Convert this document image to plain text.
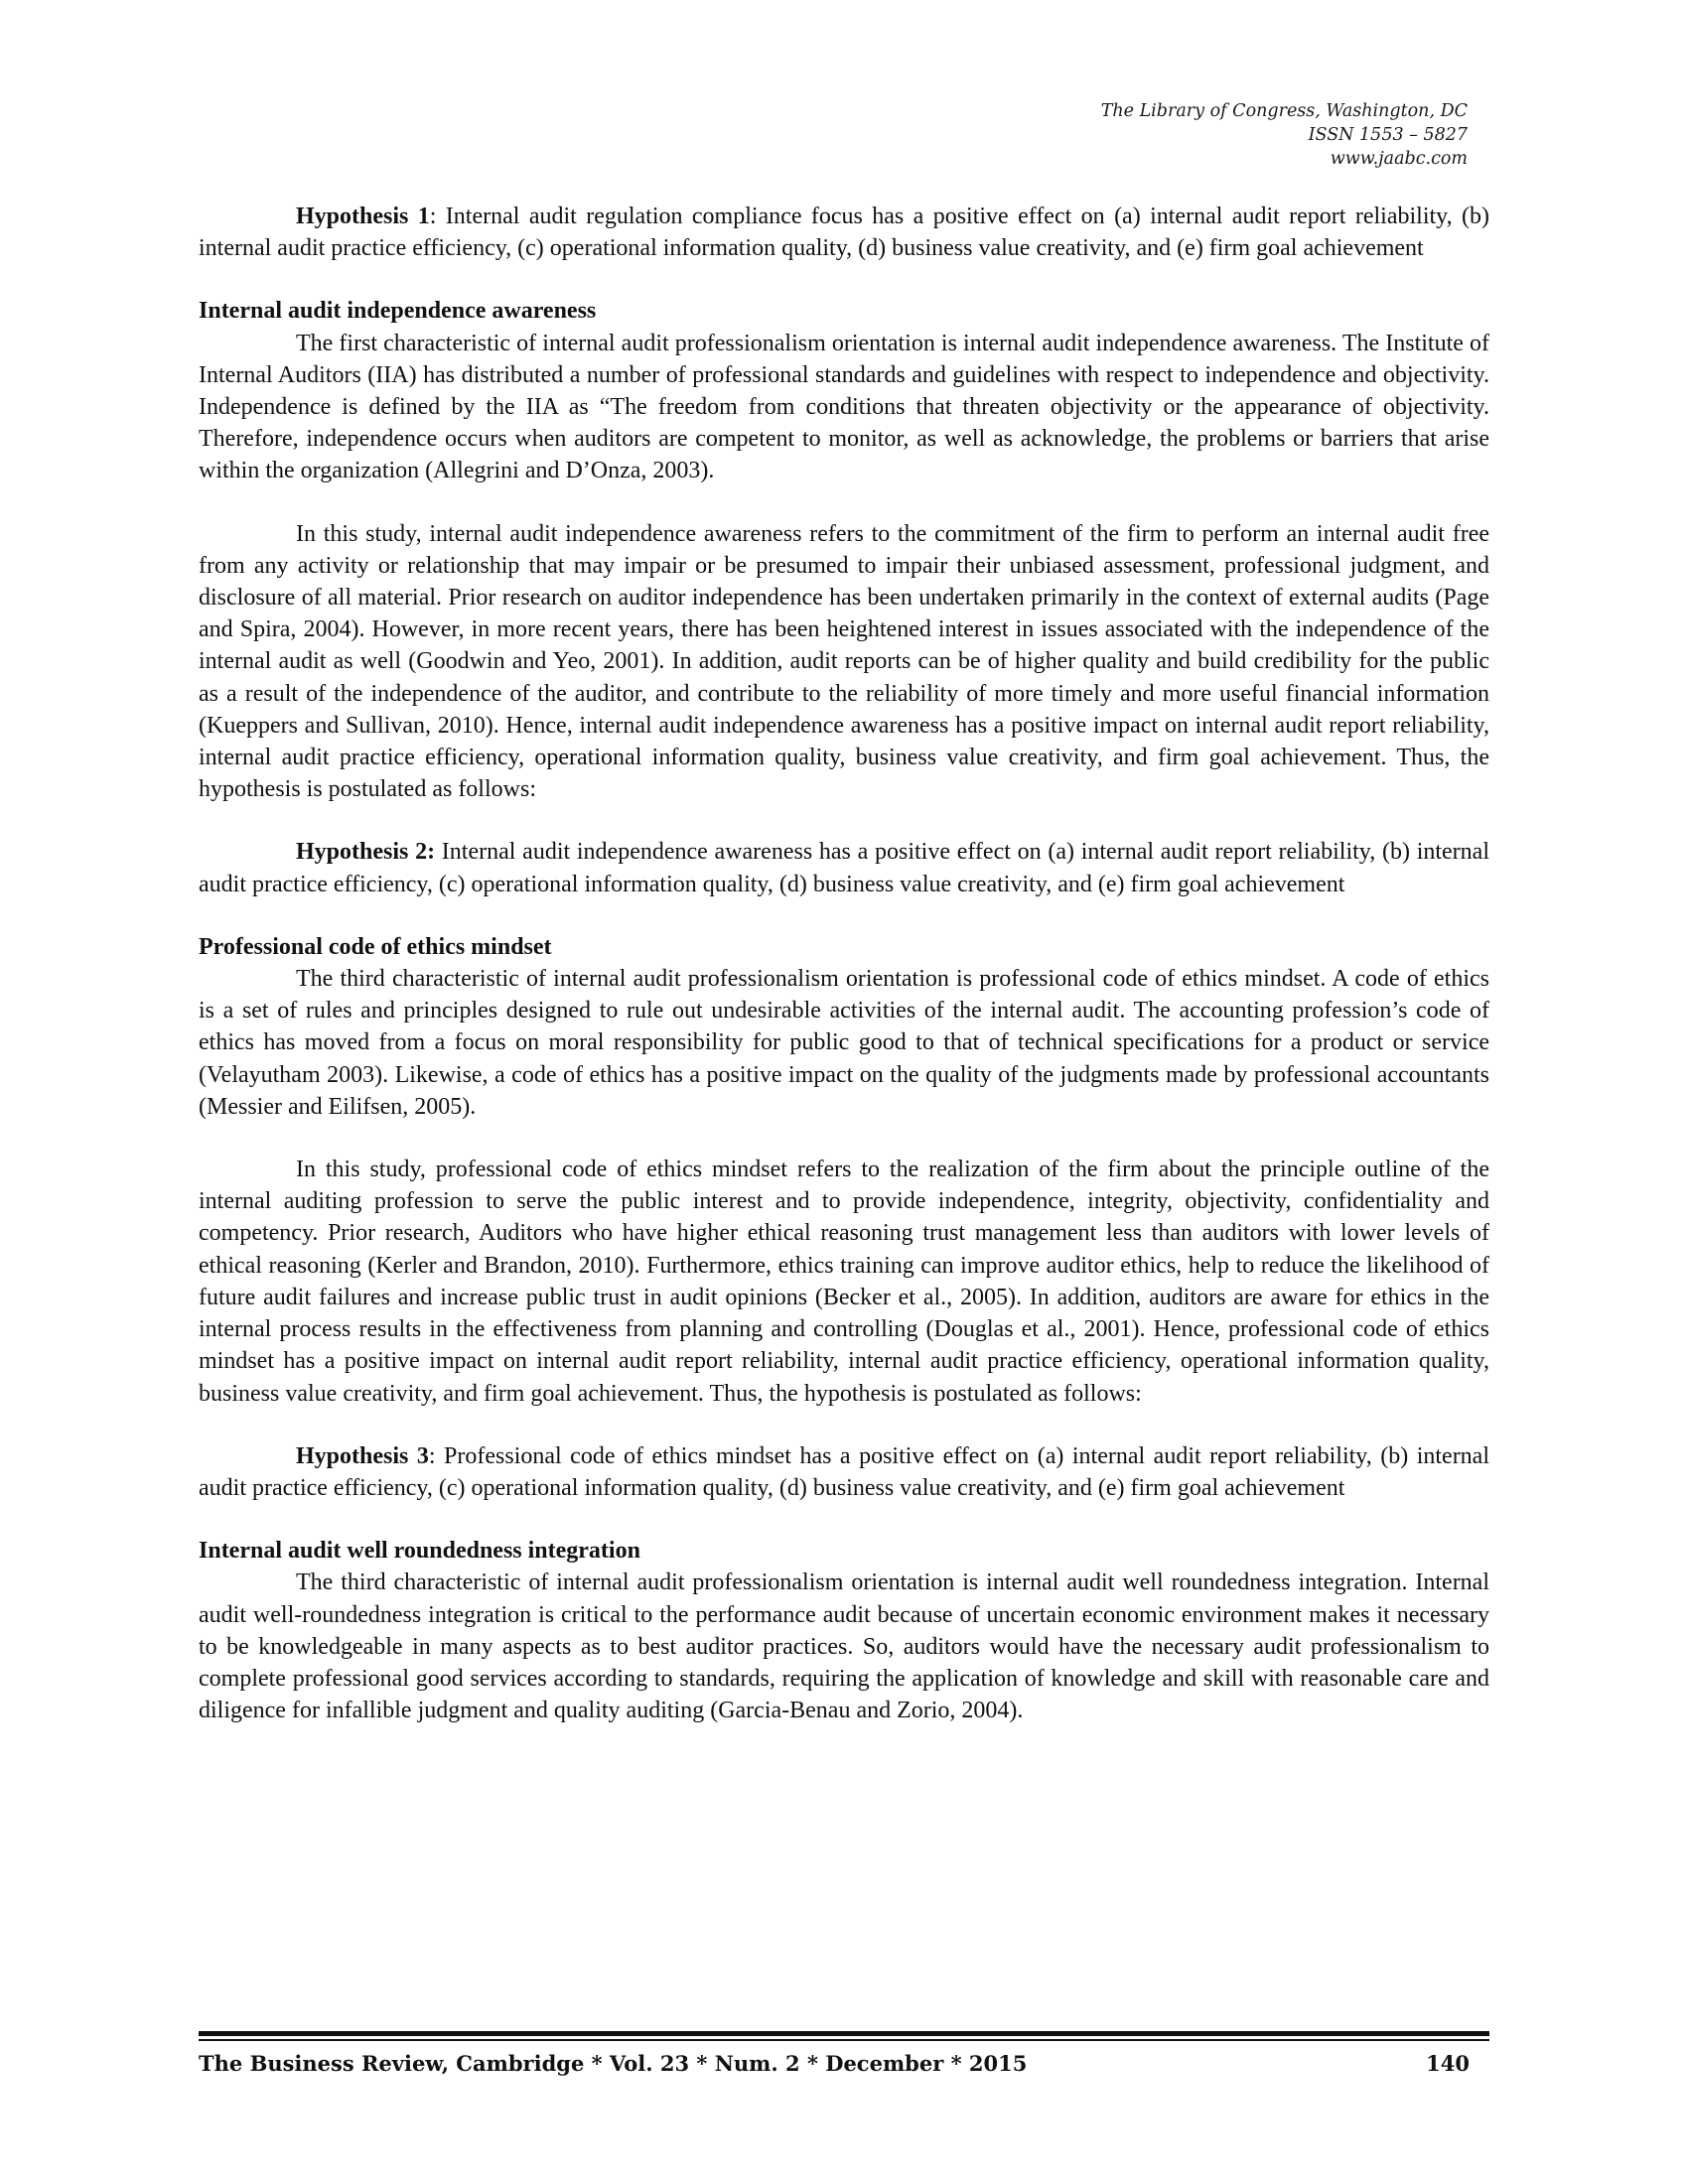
The Library of Congress, Washington, DC
ISSN 1553 – 5827
www.jaabc.com

Hypothesis 1: Internal audit regulation compliance focus has a positive effect on (a) internal audit report reliability, (b) internal audit practice efficiency, (c) operational information quality, (d) business value creativity, and (e) firm goal achievement

Internal audit independence awareness

The first characteristic of internal audit professionalism orientation is internal audit independence awareness. The Institute of Internal Auditors (IIA) has distributed a number of professional standards and guidelines with respect to independence and objectivity. Independence is defined by the IIA as “The freedom from conditions that threaten objectivity or the appearance of objectivity. Therefore, independence occurs when auditors are competent to monitor, as well as acknowledge, the problems or barriers that arise within the organization (Allegrini and D’Onza, 2003).

In this study, internal audit independence awareness refers to the commitment of the firm to perform an internal audit free from any activity or relationship that may impair or be presumed to impair their unbiased assessment, professional judgment, and disclosure of all material. Prior research on auditor independence has been undertaken primarily in the context of external audits (Page and Spira, 2004). However, in more recent years, there has been heightened interest in issues associated with the independence of the internal audit as well (Goodwin and Yeo, 2001). In addition, audit reports can be of higher quality and build credibility for the public as a result of the independence of the auditor, and contribute to the reliability of more timely and more useful financial information (Kueppers and Sullivan, 2010). Hence, internal audit independence awareness has a positive impact on internal audit report reliability, internal audit practice efficiency, operational information quality, business value creativity, and firm goal achievement. Thus, the hypothesis is postulated as follows:

Hypothesis 2: Internal audit independence awareness has a positive effect on (a) internal audit report reliability, (b) internal audit practice efficiency, (c) operational information quality, (d) business value creativity, and (e) firm goal achievement

Professional code of ethics mindset

The third characteristic of internal audit professionalism orientation is professional code of ethics mindset. A code of ethics is a set of rules and principles designed to rule out undesirable activities of the internal audit. The accounting profession’s code of ethics has moved from a focus on moral responsibility for public good to that of technical specifications for a product or service (Velayutham 2003). Likewise, a code of ethics has a positive impact on the quality of the judgments made by professional accountants (Messier and Eilifsen, 2005).

In this study, professional code of ethics mindset refers to the realization of the firm about the principle outline of the internal auditing profession to serve the public interest and to provide independence, integrity, objectivity, confidentiality and competency. Prior research, Auditors who have higher ethical reasoning trust management less than auditors with lower levels of ethical reasoning (Kerler and Brandon, 2010). Furthermore, ethics training can improve auditor ethics, help to reduce the likelihood of future audit failures and increase public trust in audit opinions (Becker et al., 2005). In addition, auditors are aware for ethics in the internal process results in the effectiveness from planning and controlling (Douglas et al., 2001). Hence, professional code of ethics mindset has a positive impact on internal audit report reliability, internal audit practice efficiency, operational information quality, business value creativity, and firm goal achievement. Thus, the hypothesis is postulated as follows:

Hypothesis 3: Professional code of ethics mindset has a positive effect on (a) internal audit report reliability, (b) internal audit practice efficiency, (c) operational information quality, (d) business value creativity, and (e) firm goal achievement

Internal audit well roundedness integration

The third characteristic of internal audit professionalism orientation is internal audit well roundedness integration. Internal audit well-roundedness integration is critical to the performance audit because of uncertain economic environment makes it necessary to be knowledgeable in many aspects as to best auditor practices. So, auditors would have the necessary audit professionalism to complete professional good services according to standards, requiring the application of knowledge and skill with reasonable care and diligence for infallible judgment and quality auditing (Garcia-Benau and Zorio, 2004).

The Business Review, Cambridge * Vol. 23 * Num. 2 * December * 2015	140
